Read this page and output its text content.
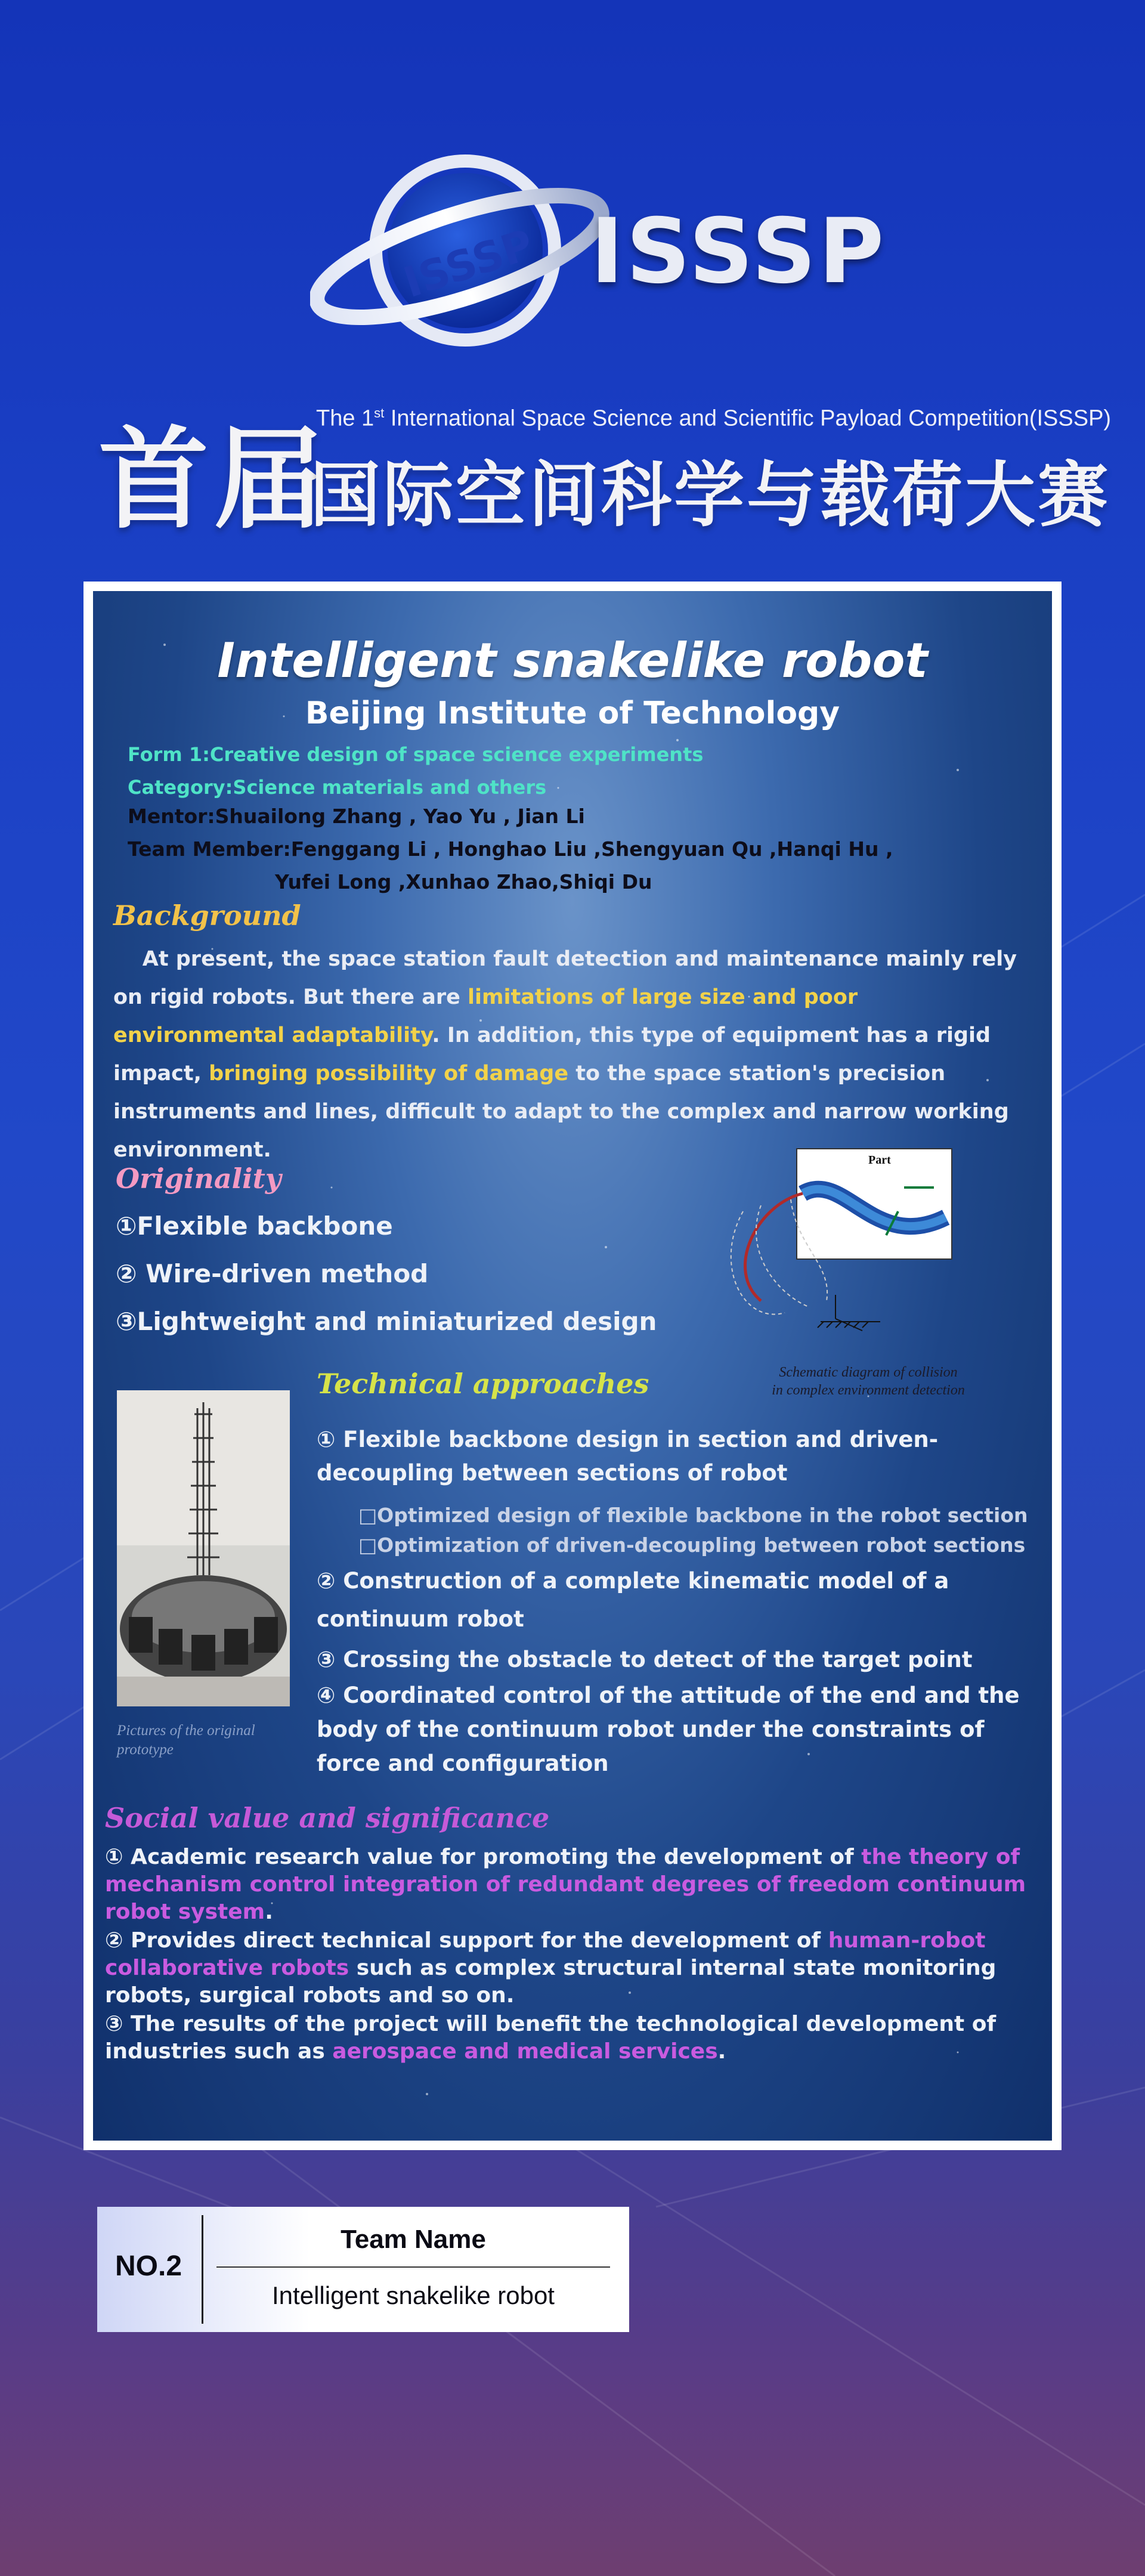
ISSSP ISSSP
首届
The 1st International Space Science and Scientific Payload Competition(ISSSP)
国际空间科学与载荷大赛
Intelligent snakelike robot
Beijing Institute of Technology
Form 1:Creative design of space science experiments
Category:Science materials and others
Mentor:Shuailong Zhang , Yao Yu , Jian Li
Team Member:Fenggang Li , Honghao Liu ,Shengyuan Qu ,Hanqi Hu ,
Yufei Long ,Xunhao Zhao,Shiqi Du
Background
At present, the space station fault detection and maintenance mainly rely on rigid robots. But there are limitations of large size and poor environmental adaptability. In addition, this type of equipment has a rigid impact, bringing possibility of damage to the space station's precision instruments and lines, difficult to adapt to the complex and narrow working environment.
Originality
①Flexible backbone
② Wire-driven method
③Lightweight and miniaturized design
Part
Schematic diagram of collision
in complex environment detection
Pictures of the original
prototype
Technical approaches
① Flexible backbone design in section and driven-decoupling between sections of robot
□Optimized design of flexible backbone in the robot section
□Optimization of driven-decoupling between robot sections
② Construction of a complete kinematic model of a continuum robot
③ Crossing the obstacle to detect of the target point
④ Coordinated control of the attitude of the end and the body of the continuum robot under the constraints of force and configuration
Social value and significance
① Academic research value for promoting the development of the theory of mechanism control integration of redundant degrees of freedom continuum robot system.
② Provides direct technical support for the development of human-robot collaborative robots such as complex structural internal state monitoring robots, surgical robots and so on.
③ The results of the project will benefit the technological development of industries such as aerospace and medical services.
NO.2
Team Name
Intelligent snakelike robot
